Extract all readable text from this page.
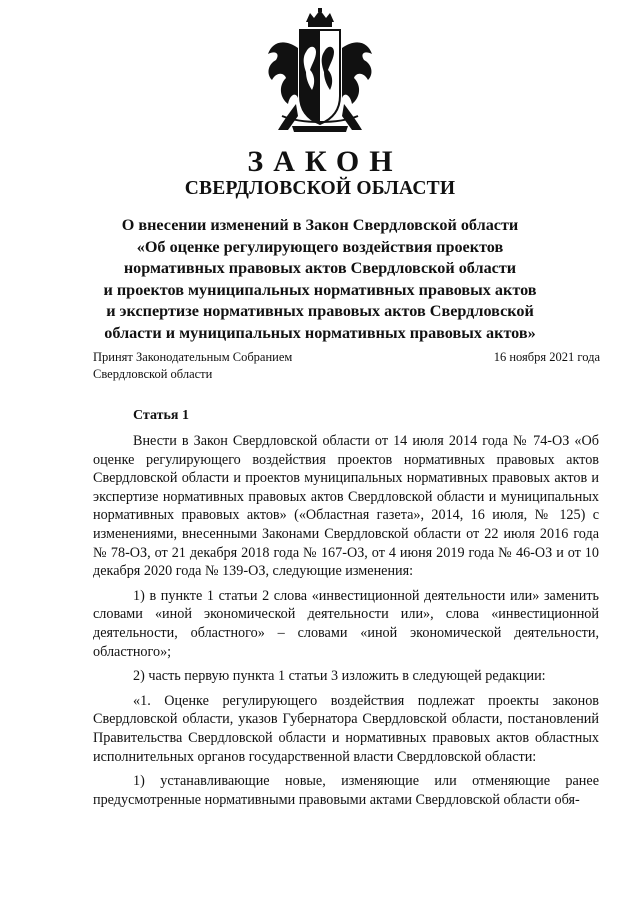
ЗАКОН
СВЕРДЛОВСКОЙ ОБЛАСТИ
О внесении изменений в Закон Свердловской области
«Об оценке регулирующего воздействия проектов
нормативных правовых актов Свердловской области
и проектов муниципальных нормативных правовых актов
и экспертизе нормативных правовых актов Свердловской
области и муниципальных нормативных правовых актов»
Принят Законодательным Собранием
Свердловской области
16 ноября 2021 года
Статья 1

Внести в Закон Свердловской области от 14 июля 2014 года № 74-ОЗ «Об оценке регулирующего воздействия проектов нормативных правовых актов Свердловской области и проектов муниципальных нормативных правовых актов и экспертизе нормативных правовых актов Свердловской области и муниципальных нормативных правовых актов» («Областная газета», 2014, 16 июля, № 125) с изменениями, внесенными Законами Свердловской области от 22 июля 2016 года № 78-ОЗ, от 21 декабря 2018 года № 167-ОЗ, от 4 июня 2019 года № 46-ОЗ и от 10 декабря 2020 года № 139-ОЗ, следующие изменения:

1) в пункте 1 статьи 2 слова «инвестиционной деятельности или» заменить словами «иной экономической деятельности или», слова «инвестиционной деятельности, областного» – словами «иной экономической деятельности, областного»;

2) часть первую пункта 1 статьи 3 изложить в следующей редакции:

«1. Оценке регулирующего воздействия подлежат проекты законов Свердловской области, указов Губернатора Свердловской области, постановлений Правительства Свердловской области и нормативных правовых актов областных исполнительных органов государственной власти Свердловской области:

1) устанавливающие новые, изменяющие или отменяющие ранее предусмотренные нормативными правовыми актами Свердловской области обя-
